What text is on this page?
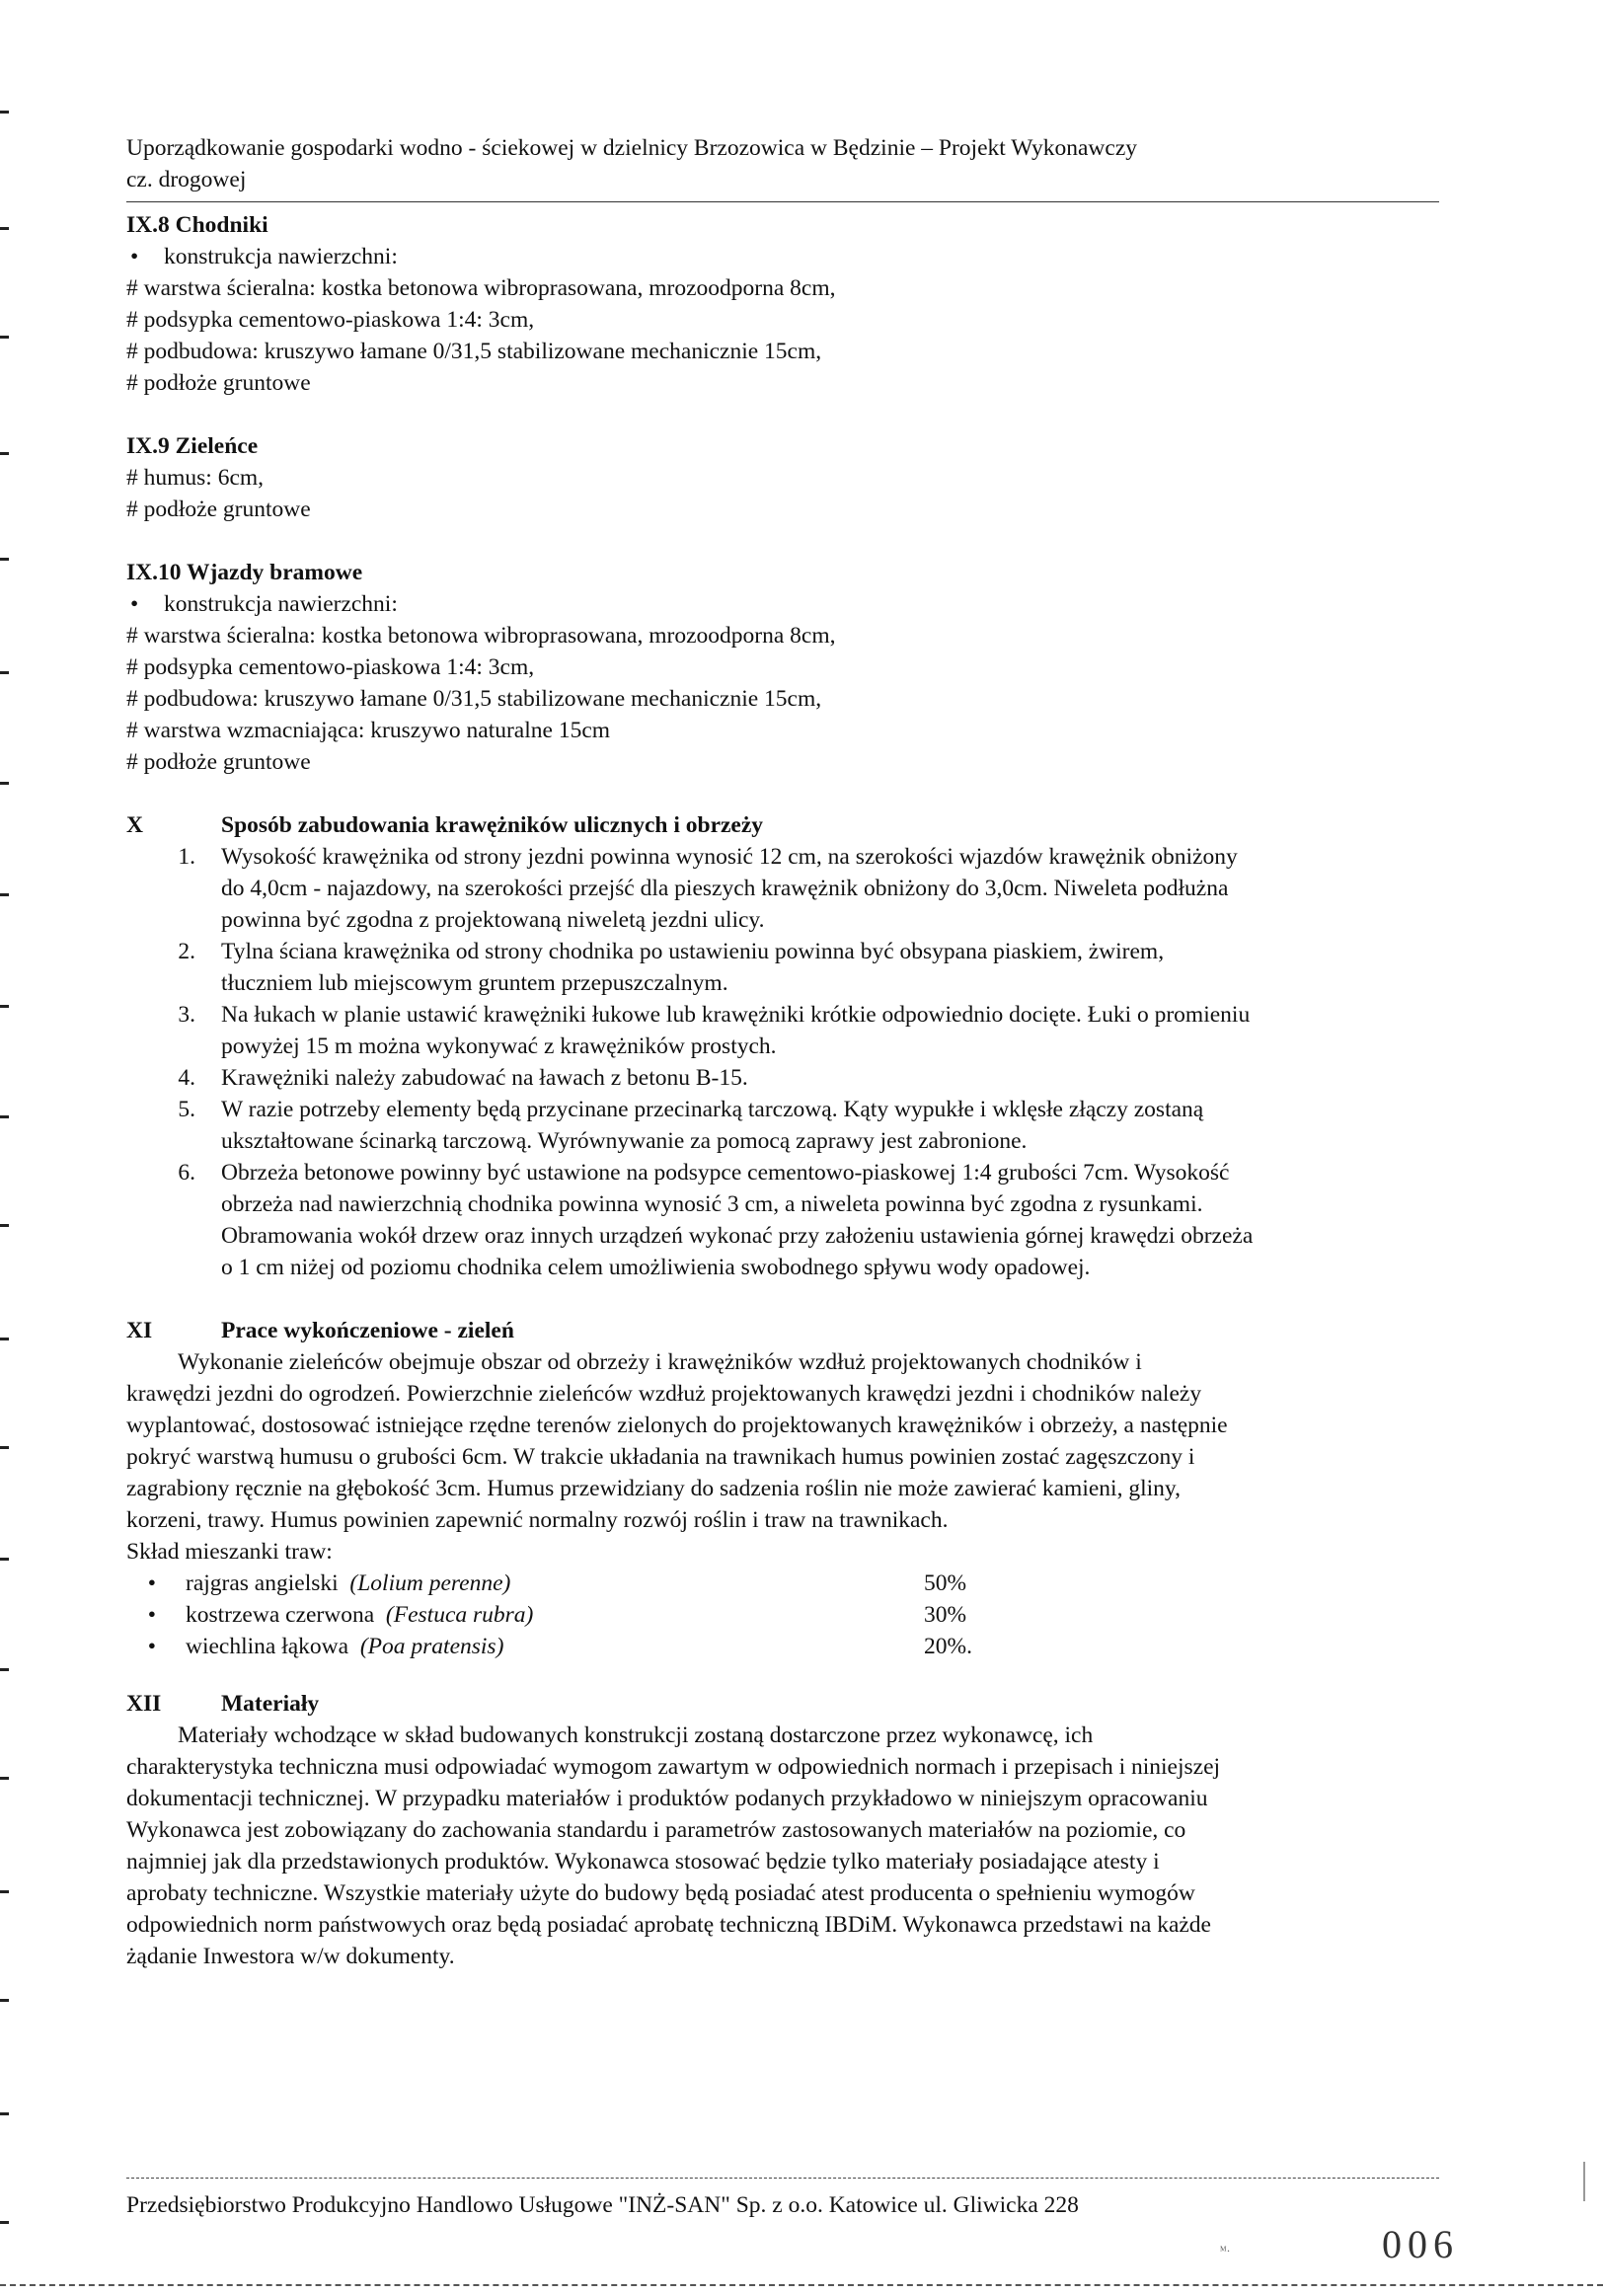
Uporządkowanie gospodarki wodno - ściekowej w dzielnicy Brzozowica w Będzinie – Projekt Wykonawczy
cz. drogowej
IX.8 Chodniki
• konstrukcja nawierzchni:
# warstwa ścieralna: kostka betonowa wibroprasowana, mrozoodporna 8cm,
# podsypka cementowo-piaskowa 1:4: 3cm,
# podbudowa: kruszywo łamane 0/31,5 stabilizowane mechanicznie 15cm,
# podłoże gruntowe
IX.9 Zieleńce
# humus: 6cm,
# podłoże gruntowe
IX.10 Wjazdy bramowe
• konstrukcja nawierzchni:
# warstwa ścieralna: kostka betonowa wibroprasowana, mrozoodporna 8cm,
# podsypka cementowo-piaskowa 1:4: 3cm,
# podbudowa: kruszywo łamane 0/31,5 stabilizowane mechanicznie 15cm,
# warstwa wzmacniająca: kruszywo naturalne 15cm
# podłoże gruntowe
X	Sposób zabudowania krawężników ulicznych i obrzeży
1.	Wysokość krawężnika od strony jezdni powinna wynosić 12 cm, na szerokości wjazdów krawężnik obniżony
do 4,0cm - najazdowy, na szerokości przejść dla pieszych krawężnik obniżony do 3,0cm. Niweleta podłużna
powinna być zgodna z projektowaną niweletą jezdni ulicy.
2.	Tylna ściana krawężnika od strony chodnika po ustawieniu powinna być obsypana piaskiem, żwirem,
tłuczniem lub miejscowym gruntem przepuszczalnym.
3.	Na łukach w planie ustawić krawężniki łukowe lub krawężniki krótkie odpowiednio docięte. Łuki o promieniu
powyżej 15 m można wykonywać z krawężników prostych.
4.	Krawężniki należy zabudować na ławach z betonu B-15.
5.	W razie potrzeby elementy będą przycinane przecinarką tarczową. Kąty wypukłe i wklęsłe złączy zostaną
ukształtowane ścinarką tarczową. Wyrównywanie za pomocą zaprawy jest zabronione.
6.	Obrzeża betonowe powinny być ustawione na podsypce cementowo-piaskowej 1:4 grubości 7cm. Wysokość
obrzeża nad nawierzchnią chodnika powinna wynosić 3 cm, a niweleta powinna być zgodna z rysunkami.
Obramowania wokół drzew oraz innych urządzeń wykonać przy założeniu ustawienia górnej krawędzi obrzeża
o 1 cm niżej od poziomu chodnika celem umożliwienia swobodnego spływu wody opadowej.
XI	Prace wykończeniowe - zieleń
Wykonanie zieleńców obejmuje obszar od obrzeży i krawężników wzdłuż projektowanych chodników i
krawędzi jezdni do ogrodzeń. Powierzchnie zieleńców wzdłuż projektowanych krawędzi jezdni i chodników należy
wyplantować, dostosować istniejące rzędne terenów zielonych do projektowanych krawężników i obrzeży, a następnie
pokryć warstwą humusu o grubości 6cm. W trakcie układania na trawnikach humus powinien zostać zagęszczony i
zagrabiony ręcznie na głębokość 3cm. Humus przewidziany do sadzenia roślin nie może zawierać kamieni, gliny,
korzeni, trawy. Humus powinien zapewnić normalny rozwój roślin i traw na trawnikach.
Skład mieszanki traw:
•	rajgras angielski (Lolium perenne)	50%
•	kostrzewa czerwona (Festuca rubra)	30%
•	wiechlina łąkowa (Poa pratensis)	20%.
XII	Materiały
Materiały wchodzące w skład budowanych konstrukcji zostaną dostarczone przez wykonawcę, ich
charakterystyka techniczna musi odpowiadać wymogom zawartym w odpowiednich normach i przepisach i niniejszej
dokumentacji technicznej. W przypadku materiałów i produktów podanych przykładowo w niniejszym opracowaniu
Wykonawca jest zobowiązany do zachowania standardu i parametrów zastosowanych materiałów na poziomie, co
najmniej jak dla przedstawionych produktów. Wykonawca stosować będzie tylko materiały posiadające atesty i
aprobaty techniczne. Wszystkie materiały użyte do budowy będą posiadać atest producenta o spełnieniu wymogów
odpowiednich norm państwowych oraz będą posiadać aprobatę techniczną IBDiM. Wykonawca przedstawi na każde
żądanie Inwestora w/w dokumenty.
Przedsiębiorstwo Produkcyjno Handlowo Usługowe "INŻ-SAN" Sp. z o.o. Katowice ul. Gliwicka 228
ᴹ·	006
